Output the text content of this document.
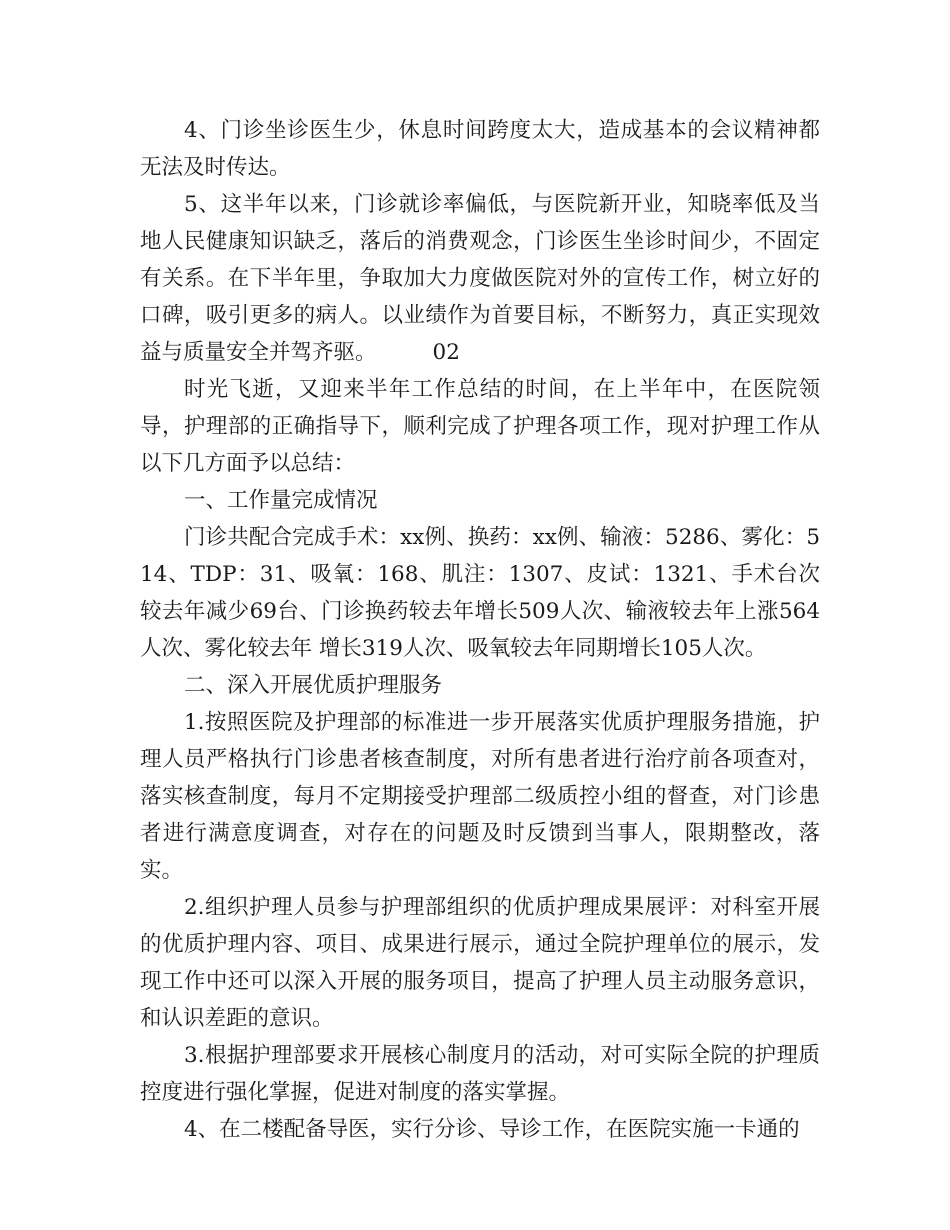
4、门诊坐诊医生少，休息时间跨度太大，造成基本的会议精神都无法及时传达。

5、这半年以来，门诊就诊率偏低，与医院新开业，知晓率低及当地人民健康知识缺乏，落后的消费观念，门诊医生坐诊时间少，不固定有关系。在下半年里，争取加大力度做医院对外的宣传工作，树立好的口碑，吸引更多的病人。以业绩作为首要目标，不断努力，真正实现效益与质量安全并驾齐驱。	02

时光飞逝，又迎来半年工作总结的时间，在上半年中，在医院领导，护理部的正确指导下，顺利完成了护理各项工作，现对护理工作从以下几方面予以总结：

一、工作量完成情况

门诊共配合完成手术：xx例、换药：xx例、输液：5286、雾化：514、TDP：31、吸氧：168、肌注：1307、皮试：1321、手术台次较去年减少69台、门诊换药较去年增长509人次、输液较去年上涨564人次、雾化较去年 增长319人次、吸氧较去年同期增长105人次。

二、深入开展优质护理服务

1.按照医院及护理部的标准进一步开展落实优质护理服务措施，护理人员严格执行门诊患者核查制度，对所有患者进行治疗前各项查对，落实核查制度，每月不定期接受护理部二级质控小组的督查，对门诊患者进行满意度调查，对存在的问题及时反馈到当事人，限期整改，落实。

2.组织护理人员参与护理部组织的优质护理成果展评：对科室开展的优质护理内容、项目、成果进行展示，通过全院护理单位的展示，发现工作中还可以深入开展的服务项目，提高了护理人员主动服务意识，和认识差距的意识。

3.根据护理部要求开展核心制度月的活动，对可实际全院的护理质控度进行强化掌握，促进对制度的落实掌握。

4、在二楼配备导医，实行分诊、导诊工作，在医院实施一卡通的
